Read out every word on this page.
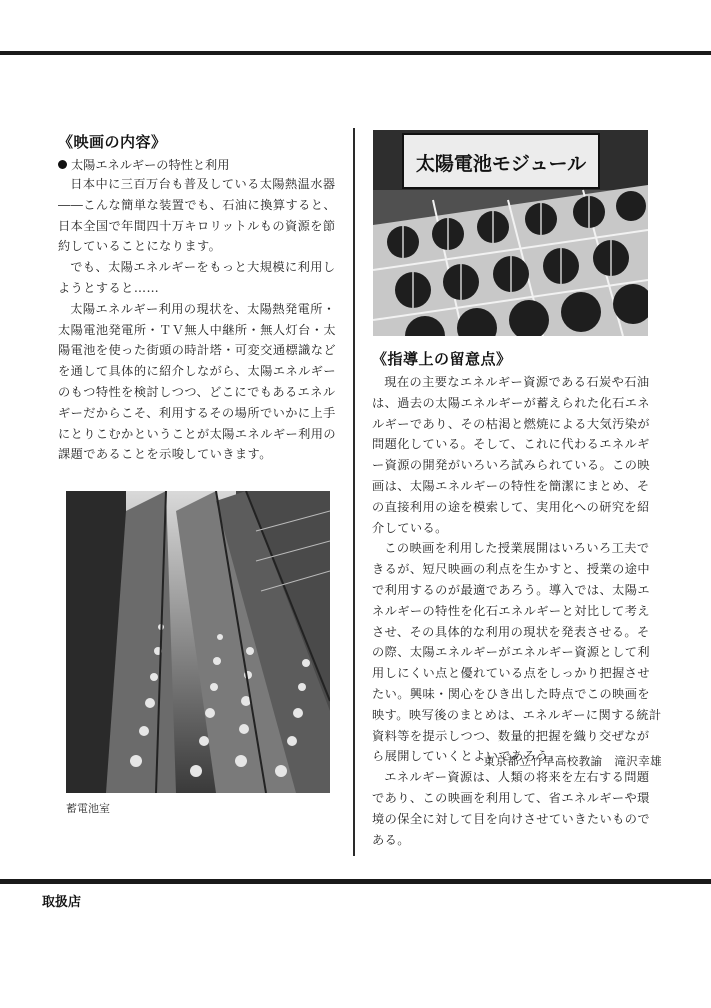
《映画の内容》
太陽エネルギーの特性と利用

日本中に三百万台も普及している太陽熱温水器――こんな簡単な装置でも、石油に換算すると、日本全国で年間四十万キロリットルもの資源を節約していることになります。

でも、太陽エネルギーをもっと大規模に利用しようとすると……

太陽エネルギー利用の現状を、太陽熱発電所・太陽電池発電所・ＴＶ無人中継所・無人灯台・太陽電池を使った街頭の時計塔・可変交通標識などを通して具体的に紹介しながら、太陽エネルギーのもつ特性を検討しつつ、どこにでもあるエネルギーだからこそ、利用するその場所でいかに上手にとりこむかということが太陽エネルギー利用の課題であることを示唆していきます。

蓄電池室
太陽電池モジュール
《指導上の留意点》

現在の主要なエネルギー資源である石炭や石油は、過去の太陽エネルギーが蓄えられた化石エネルギーであり、その枯渇と燃焼による大気汚染が問題化している。そして、これに代わるエネルギー資源の開発がいろいろ試みられている。この映画は、太陽エネルギーの特性を簡潔にまとめ、その直接利用の途を模索して、実用化への研究を紹介している。

この映画を利用した授業展開はいろいろ工夫できるが、短尺映画の利点を生かすと、授業の途中で利用するのが最適であろう。導入では、太陽エネルギーの特性を化石エネルギーと対比して考えさせ、その具体的な利用の現状を発表させる。その際、太陽エネルギーがエネルギー資源として利用しにくい点と優れている点をしっかり把握させたい。興味・関心をひき出した時点でこの映画を映す。映写後のまとめは、エネルギーに関する統計資料等を提示しつつ、数量的把握を織り交ぜながら展開していくとよいであろう。

エネルギー資源は、人類の将来を左右する問題であり、この映画を利用して、省エネルギーや環境の保全に対して目を向けさせていきたいものである。

東京都立竹早高校教諭　滝沢幸雄
取扱店
